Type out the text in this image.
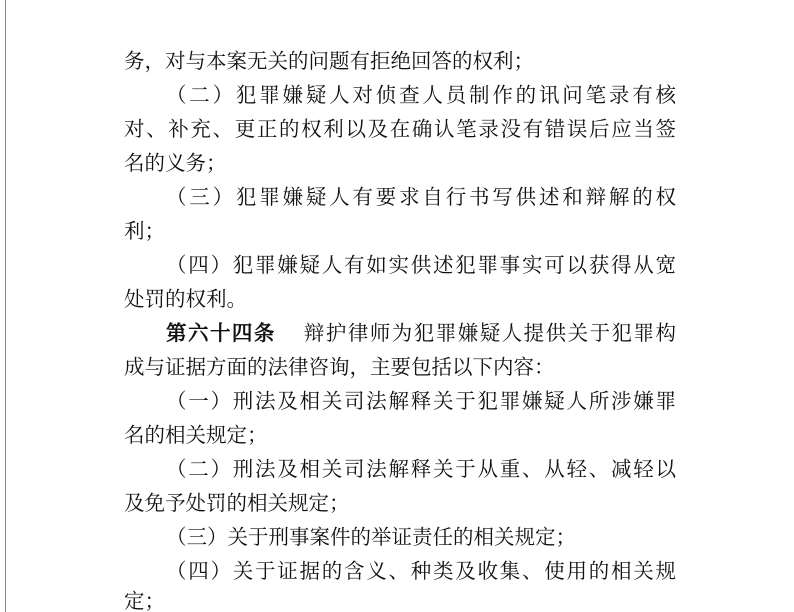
务，对与本案无关的问题有拒绝回答的权利；
（二）犯罪嫌疑人对侦查人员制作的讯问笔录有核
对、补充、更正的权利以及在确认笔录没有错误后应当签
名的义务；
（三）犯罪嫌疑人有要求自行书写供述和辩解的权
利；
（四）犯罪嫌疑人有如实供述犯罪事实可以获得从宽
处罚的权利。
第六十四条 辩护律师为犯罪嫌疑人提供关于犯罪构
成与证据方面的法律咨询，主要包括以下内容：
（一）刑法及相关司法解释关于犯罪嫌疑人所涉嫌罪
名的相关规定；
（二）刑法及相关司法解释关于从重、从轻、减轻以
及免予处罚的相关规定；
（三）关于刑事案件的举证责任的相关规定；
（四）关于证据的含义、种类及收集、使用的相关规
定；
